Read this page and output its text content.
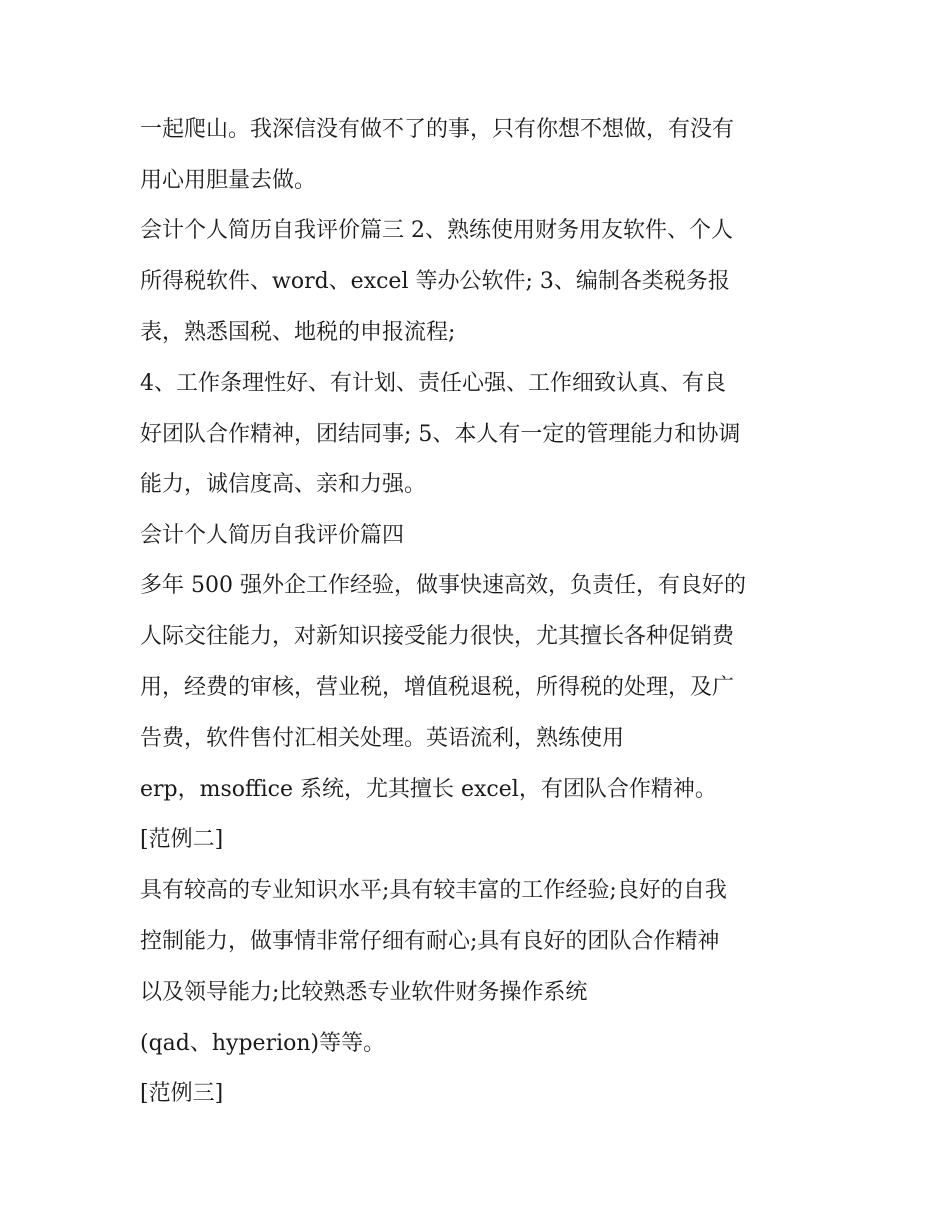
一起爬山。我深信没有做不了的事，只有你想不想做，有没有
用心用胆量去做。
会计个人简历自我评价篇三 2、熟练使用财务用友软件、个人
所得税软件、word、excel 等办公软件; 3、编制各类税务报
表，熟悉国税、地税的申报流程;
4、工作条理性好、有计划、责任心强、工作细致认真、有良
好团队合作精神，团结同事; 5、本人有一定的管理能力和协调
能力，诚信度高、亲和力强。
会计个人简历自我评价篇四
多年 500 强外企工作经验，做事快速高效，负责任，有良好的
人际交往能力，对新知识接受能力很快，尤其擅长各种促销费
用，经费的审核，营业税，增值税退税，所得税的处理，及广
告费，软件售付汇相关处理。英语流利，熟练使用
erp，msoffice 系统，尤其擅长 excel，有团队合作精神。
[范例二]
具有较高的专业知识水平;具有较丰富的工作经验;良好的自我
控制能力，做事情非常仔细有耐心;具有良好的团队合作精神
以及领导能力;比较熟悉专业软件财务操作系统
(qad、hyperion)等等。
[范例三]
